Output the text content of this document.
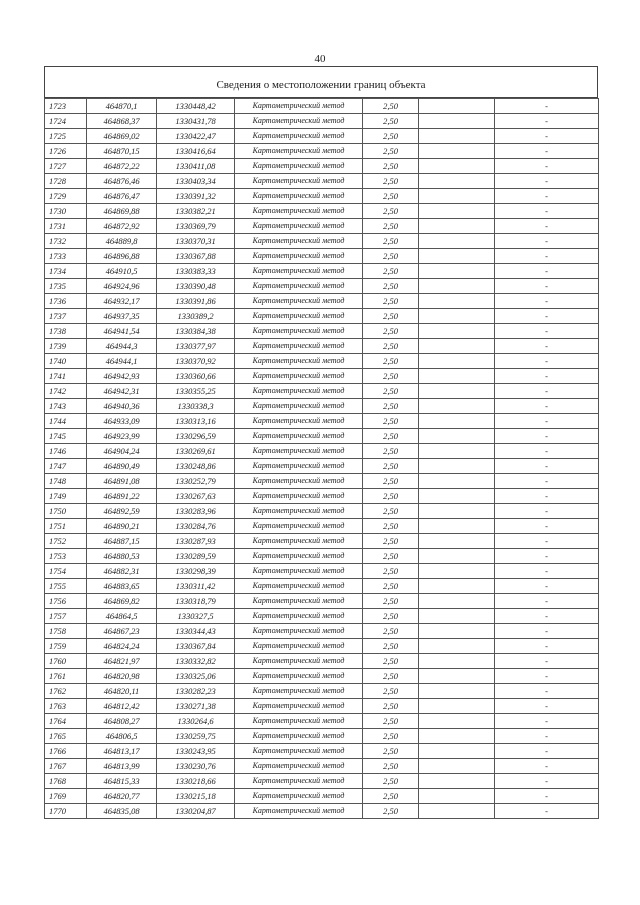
40
Сведения о местоположении границ объекта
1723	464870,1	1330448,42	Картометрический метод	2,50		-
1724	464868,37	1330431,78	Картометрический метод	2,50		-
1725	464869,02	1330422,47	Картометрический метод	2,50		-
1726	464870,15	1330416,64	Картометрический метод	2,50		-
1727	464872,22	1330411,08	Картометрический метод	2,50		-
1728	464876,46	1330403,34	Картометрический метод	2,50		-
1729	464876,47	1330391,32	Картометрический метод	2,50		-
1730	464869,88	1330382,21	Картометрический метод	2,50		-
1731	464872,92	1330369,79	Картометрический метод	2,50		-
1732	464889,8	1330370,31	Картометрический метод	2,50		-
1733	464896,88	1330367,88	Картометрический метод	2,50		-
1734	464910,5	1330383,33	Картометрический метод	2,50		-
1735	464924,96	1330390,48	Картометрический метод	2,50		-
1736	464932,17	1330391,86	Картометрический метод	2,50		-
1737	464937,35	1330389,2	Картометрический метод	2,50		-
1738	464941,54	1330384,38	Картометрический метод	2,50		-
1739	464944,3	1330377,97	Картометрический метод	2,50		-
1740	464944,1	1330370,92	Картометрический метод	2,50		-
1741	464942,93	1330360,66	Картометрический метод	2,50		-
1742	464942,31	1330355,25	Картометрический метод	2,50		-
1743	464940,36	1330338,3	Картометрический метод	2,50		-
1744	464933,09	1330313,16	Картометрический метод	2,50		-
1745	464923,99	1330296,59	Картометрический метод	2,50		-
1746	464904,24	1330269,61	Картометрический метод	2,50		-
1747	464890,49	1330248,86	Картометрический метод	2,50		-
1748	464891,08	1330252,79	Картометрический метод	2,50		-
1749	464891,22	1330267,63	Картометрический метод	2,50		-
1750	464892,59	1330283,96	Картометрический метод	2,50		-
1751	464890,21	1330284,76	Картометрический метод	2,50		-
1752	464887,15	1330287,93	Картометрический метод	2,50		-
1753	464880,53	1330289,59	Картометрический метод	2,50		-
1754	464882,31	1330298,39	Картометрический метод	2,50		-
1755	464883,65	1330311,42	Картометрический метод	2,50		-
1756	464869,82	1330318,79	Картометрический метод	2,50		-
1757	464864,5	1330327,5	Картометрический метод	2,50		-
1758	464867,23	1330344,43	Картометрический метод	2,50		-
1759	464824,24	1330367,84	Картометрический метод	2,50		-
1760	464821,97	1330332,82	Картометрический метод	2,50		-
1761	464820,98	1330325,06	Картометрический метод	2,50		-
1762	464820,11	1330282,23	Картометрический метод	2,50		-
1763	464812,42	1330271,38	Картометрический метод	2,50		-
1764	464808,27	1330264,6	Картометрический метод	2,50		-
1765	464806,5	1330259,75	Картометрический метод	2,50		-
1766	464813,17	1330243,95	Картометрический метод	2,50		-
1767	464813,99	1330230,76	Картометрический метод	2,50		-
1768	464815,33	1330218,66	Картометрический метод	2,50		-
1769	464820,77	1330215,18	Картометрический метод	2,50		-
1770	464835,08	1330204,87	Картометрический метод	2,50		-
